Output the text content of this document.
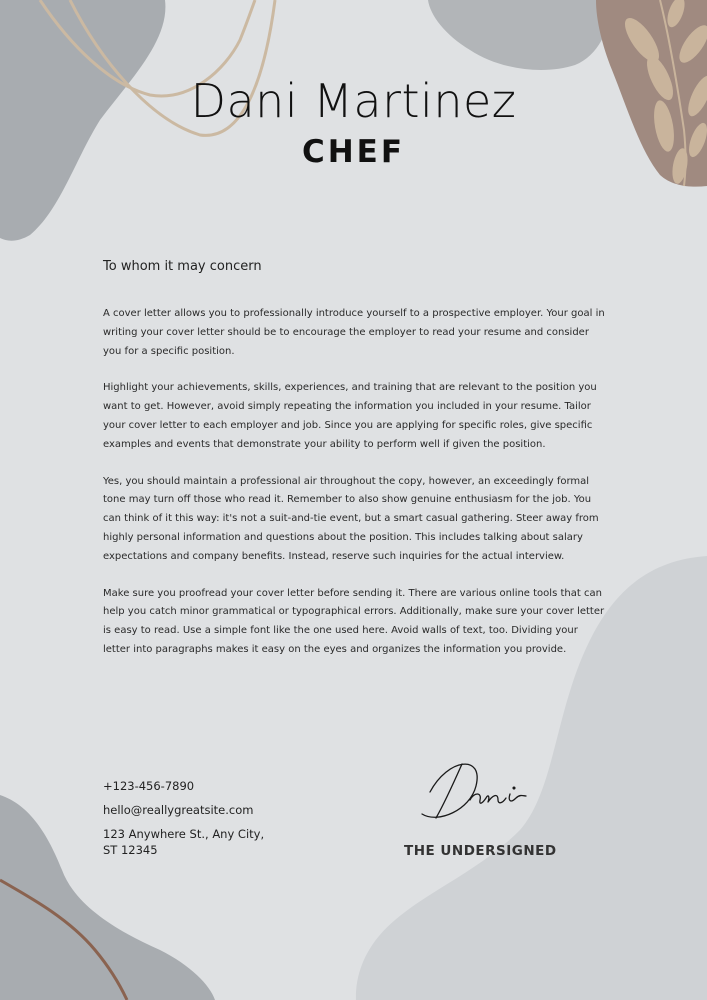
Dani Martinez
CHEF
To whom it may concern

A cover letter allows you to professionally introduce yourself to a prospective employer. Your goal in writing your cover letter should be to encourage the employer to read your resume and consider you for a specific position.

Highlight your achievements, skills, experiences, and training that are relevant to the position you want to get. However, avoid simply repeating the information you included in your resume. Tailor your cover letter to each employer and job. Since you are applying for specific roles, give specific examples and events that demonstrate your ability to perform well if given the position.

Yes, you should maintain a professional air throughout the copy, however, an exceedingly formal tone may turn off those who read it. Remember to also show genuine enthusiasm for the job. You can think of it this way: it's not a suit-and-tie event, but a smart casual gathering. Steer away from highly personal information and questions about the position. This includes talking about salary expectations and company benefits. Instead, reserve such inquiries for the actual interview.

Make sure you proofread your cover letter before sending it. There are various online tools that can help you catch minor grammatical or typographical errors. Additionally, make sure your cover letter is easy to read. Use a simple font like the one used here. Avoid walls of text, too. Dividing your letter into paragraphs makes it easy on the eyes and organizes the information you provide.

+123-456-7890
hello@reallygreatsite.com
123 Anywhere St., Any City, ST 12345	THE UNDERSIGNED
